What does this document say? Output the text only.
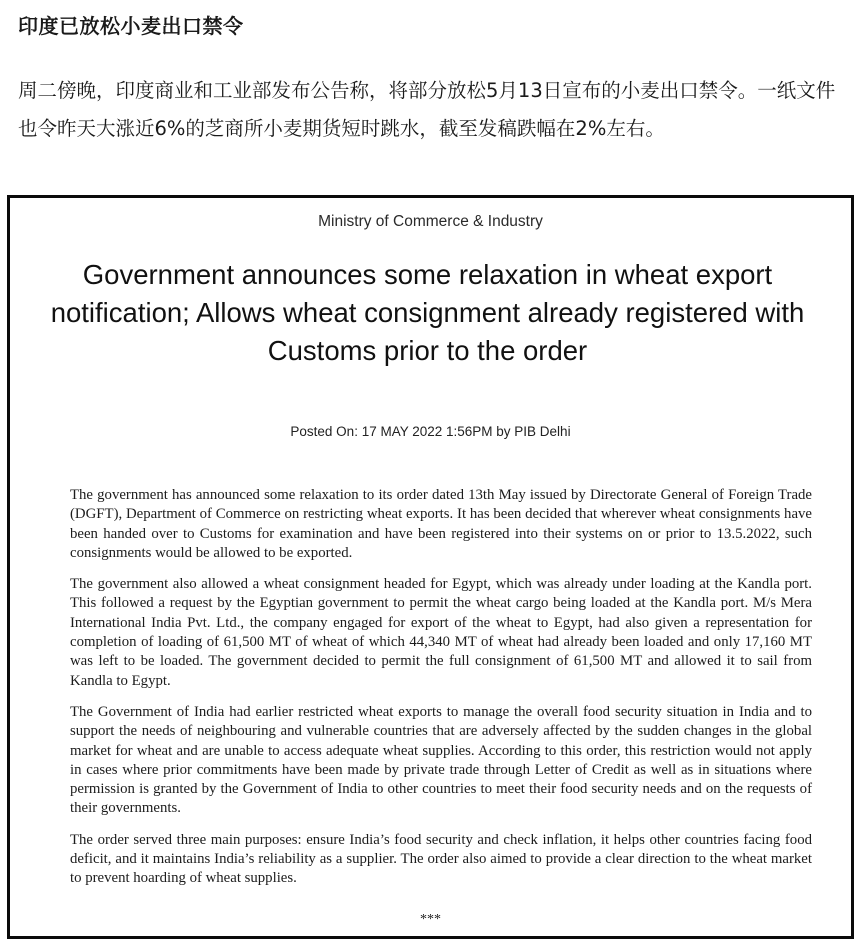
印度已放松小麦出口禁令
周二傍晚，印度商业和工业部发布公告称，将部分放松5月13日宣布的小麦出口禁令。一纸文件也令昨天大涨近6%的芝商所小麦期货短时跳水，截至发稿跌幅在2%左右。
Ministry of Commerce & Industry
Government announces some relaxation in wheat export notification; Allows wheat consignment already registered with Customs prior to the order
Posted On: 17 MAY 2022 1:56PM by PIB Delhi

The government has announced some relaxation to its order dated 13th May issued by Directorate General of Foreign Trade (DGFT), Department of Commerce on restricting wheat exports. It has been decided that wherever wheat consignments have been handed over to Customs for examination and have been registered into their systems on or prior to 13.5.2022, such consignments would be allowed to be exported.

The government also allowed a wheat consignment headed for Egypt, which was already under loading at the Kandla port. This followed a request by the Egyptian government to permit the wheat cargo being loaded at the Kandla port. M/s Mera International India Pvt. Ltd., the company engaged for export of the wheat to Egypt, had also given a representation for completion of loading of 61,500 MT of wheat of which 44,340 MT of wheat had already been loaded and only 17,160 MT was left to be loaded. The government decided to permit the full consignment of 61,500 MT and allowed it to sail from Kandla to Egypt.

The Government of India had earlier restricted wheat exports to manage the overall food security situation in India and to support the needs of neighbouring and vulnerable countries that are adversely affected by the sudden changes in the global market for wheat and are unable to access adequate wheat supplies. According to this order, this restriction would not apply in cases where prior commitments have been made by private trade through Letter of Credit as well as in situations where permission is granted by the Government of India to other countries to meet their food security needs and on the requests of their governments.

The order served three main purposes: ensure India’s food security and check inflation, it helps other countries facing food deficit, and it maintains India’s reliability as a supplier. The order also aimed to provide a clear direction to the wheat market to prevent hoarding of wheat supplies.

***
